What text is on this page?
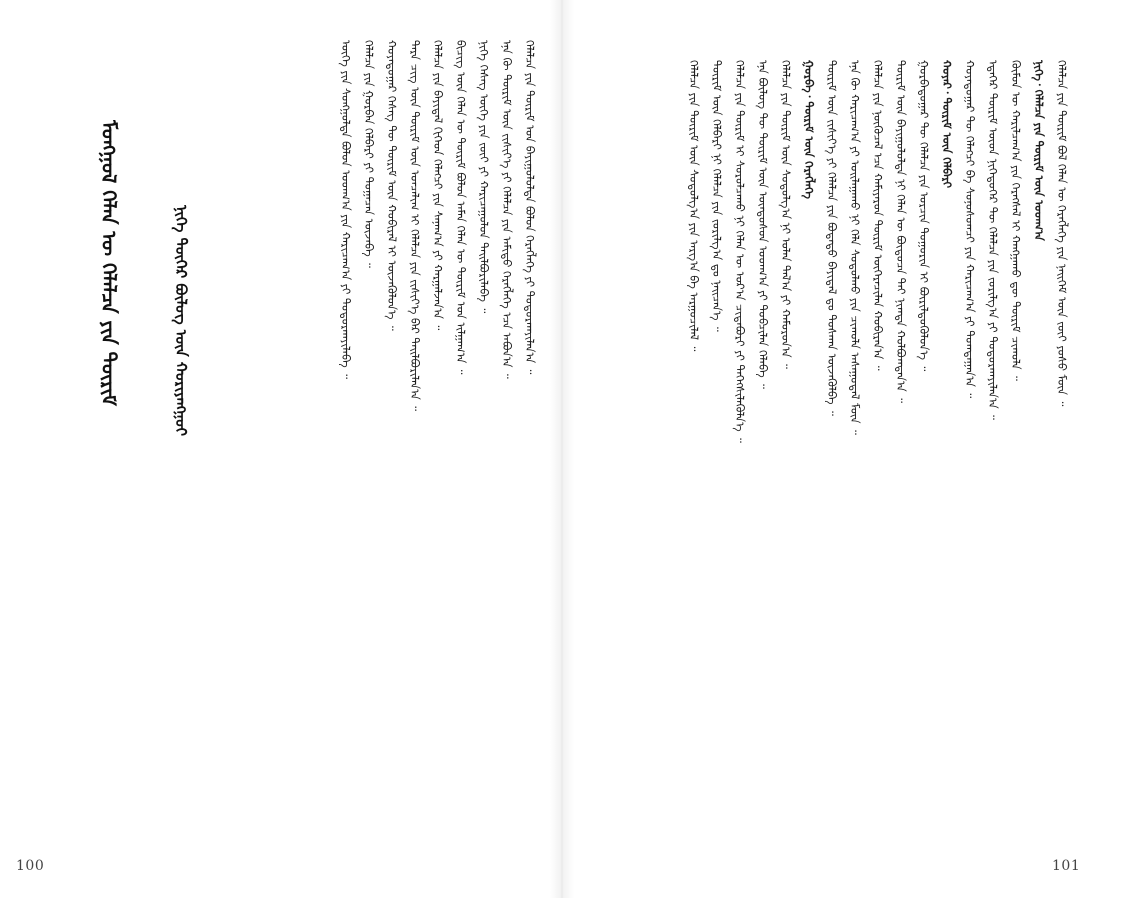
ᠮᠣᠩᠭᠣᠯ ᠬᠡᠯᠡᠨ ᠦ ᠬᠡᠯᠡᠯᠴᠡ ᠶᠢᠨ ᠳᠦᠷᠢᠮ	ᠨᠢᠭᠡ ᠳᠦᠭᠡᠷ ᠪᠦᠯᠦᠭ ᠦᠨ ᠬᠤᠷᠢᠶᠠᠩᠭᠤᠢ	ᠬᠡᠯᠡᠯᠴᠡ ᠶᠢᠨ ᠳᠦᠷᠢᠮ ᠤᠨ ᠪᠠᠶᠢᠭᠤᠯᠤᠯᠲᠠ ᠪᠣᠯᠣᠨ ᠬᠡᠷᠡᠭᠯᠡᠭᠡ ᠶᠢ ᠲᠣᠳᠣᠷᠬᠠᠶᠢᠯᠠᠨ᠎ᠠ ᠃
ᠡᠨᠡ ᠬᠦ ᠳᠦᠷᠢᠮ ᠦᠨ ᠵᠢᠱᠢᠶ᠎ᠡ ᠶᠢ ᠬᠡᠯᠡᠯᠴᠡ ᠶᠢᠨ ᠠᠮᠢᠳᠤ ᠬᠡᠷᠡᠭᠯᠡᠭᠡ ᠡᠴᠡ ᠠᠪᠤᠨ᠎ᠠ ᠃
ᠨᠢᠭᠡ ᠬᠡᠰᠡᠭ ᠦᠭᠡ ᠶᠢᠨ ᠵᠦᠢ ᠶᠢ ᠬᠠᠷᠢᠴᠠᠭᠤᠯᠤᠨ ᠲᠠᠢᠯᠪᠤᠷᠢᠯᠠᠪᠠ ᠃
ᠪᠢᠴᠢᠭ ᠦᠨ ᠬᠡᠯᠡᠨ ᠦ ᠳᠦᠷᠢᠮ ᠪᠣᠯᠣᠨ ᠠᠮᠠᠨ ᠬᠡᠯᠡᠨ ᠦ ᠳᠦᠷᠢᠮ ᠤᠨ ᠢᠯᠭᠠᠭ᠎ᠠ ᠃
ᠬᠡᠯᠡᠯᠴᠡ ᠶᠢᠨ ᠪᠠᠶᠢᠳᠠᠯ ᠬᠢᠭᠡᠳ ᠬᠡᠯᠡᠭᠴᠢ ᠶᠢᠨ ᠰᠠᠨᠠᠭ᠎ᠠ ᠶᠢ ᠬᠠᠷᠭᠠᠯᠵᠠᠨ᠎ᠠ ᠃
ᠲᠡᠷᠡ ᠴᠢᠭ ᠦᠨ ᠳᠦᠷᠢᠮ ᠦᠨ ᠣᠨᠴᠠᠯᠢᠭ ᠢ ᠬᠡᠯᠡᠯᠴᠡ ᠶᠢᠨ ᠵᠢᠱᠢᠶ᠎ᠡ ᠪᠡᠷ ᠲᠠᠢᠯᠪᠤᠷᠢᠯᠠᠨ᠎ᠠ ᠃
ᠬᠣᠶᠠᠳᠤᠭᠠᠷ ᠬᠡᠰᠡᠭ ᠲᠦ ᠳᠦᠷᠢᠮ ᠦᠨ ᠬᠤᠪᠢᠷᠠᠯ ᠢ ᠦᠵᠡᠭᠦᠯᠦᠨ᠎ᠡ ᠃
ᠬᠡᠯᠡᠯᠴᠡ ᠶᠢᠨ ᠭᠤᠷᠪᠠᠨ ᠬᠡᠯᠪᠡᠷᠢ ᠶᠢ ᠲᠣᠭᠠᠴᠠᠨ ᠦᠵᠡᠪᠡ ᠃
ᠦᠭᠡ ᠶᠢᠨ ᠰᠣᠩᠭᠤᠯᠲᠠ ᠪᠣᠯᠣᠨ ᠤᠳᠬ᠎ᠠ ᠶᠢᠨ ᠬᠠᠷᠢᠴᠠᠭ᠎ᠠ ᠶᠢ ᠲᠣᠳᠣᠷᠬᠠᠶᠢᠯᠠᠪᠠ ᠃
100
ᠬᠡᠯᠡᠯᠴᠡ ᠶᠢᠨ ᠳᠦᠷᠢᠮ ᠪᠣᠯ ᠬᠡᠯᠡᠨ ᠦ ᠬᠡᠷᠡᠭᠯᠡᠭᠡ ᠶᠢᠨ ᠨᠡᠢᠭᠡᠮ ᠦᠨ ᠵᠦᠢ ᠶᠣᠰᠣ ᠮᠥᠨ ᠃
ᠨᠢᠭᠡ᠂ ᠬᠡᠯᠡᠯᠴᠡ ᠶᠢᠨ ᠳᠦᠷᠢᠮ ᠦᠨ ᠤᠳᠬ᠎ᠠ
ᠬᠦᠮᠦᠨ ᠦ ᠬᠠᠷᠢᠯᠴᠠᠭ᠎ᠠ ᠶᠢᠨ ᠬᠡᠷᠡᠭᠰᠡᠯ ᠢ ᠬᠠᠩᠭᠠᠬᠤ ᠳᠦ ᠳᠦᠷᠢᠮ ᠴᠢᠬᠤᠯᠠ ᠃
ᠡᠳᠡᠭᠡᠷ ᠳᠦᠷᠢᠮ ᠦᠳ ᠨᠢᠭᠡᠳᠦᠭᠡᠷ ᠲᠦ ᠬᠡᠯᠡᠯᠴᠡ ᠶᠢᠨ ᠵᠣᠷᠢᠯᠭ᠎ᠠ ᠶᠢ ᠲᠣᠳᠣᠷᠬᠠᠶᠢᠯᠠᠨ᠎ᠠ ᠃
ᠬᠣᠶᠠᠳᠤᠭᠠᠷ ᠲᠦ ᠬᠡᠯᠡᠭᠴᠢ ᠪᠠ ᠰᠣᠨᠣᠰᠣᠭᠴᠢ ᠶᠢᠨ ᠬᠠᠷᠢᠴᠠᠭ᠎ᠠ ᠶᠢ ᠲᠣᠭᠲᠠᠭᠠᠨ᠎ᠠ ᠃
ᠬᠣᠶᠠᠷ᠂ ᠳᠦᠷᠢᠮ ᠦᠨ ᠬᠡᠯᠪᠡᠷᠢ
ᠭᠤᠷᠪᠠᠳᠤᠭᠠᠷ ᠲᠦ ᠬᠡᠯᠡᠯᠴᠡ ᠶᠢᠨ ᠣᠷᠴᠢᠨ ᠲᠣᠭᠣᠷᠢᠨ ᠢ ᠪᠦᠷᠢᠯᠳᠦᠭᠦᠯᠦᠨ᠎ᠡ ᠃
ᠳᠦᠷᠢᠮ ᠦᠨ ᠪᠠᠶᠢᠭᠤᠯᠤᠯᠲᠠ ᠨᠢ ᠬᠡᠯᠡᠨ ᠦ ᠪᠦᠲᠦᠴᠡ ᠲᠡᠢ ᠨᠢᠭᠲᠠ ᠬᠣᠯᠪᠣᠭᠳᠠᠨ᠎ᠠ ᠃
ᠬᠡᠯᠡᠯᠴᠡ ᠶᠢᠨ ᠨᠥᠬᠦᠴᠡᠯ ᠡᠴᠡ ᠬᠠᠮᠢᠶᠠᠷᠤᠨ ᠳᠦᠷᠢᠮ ᠥᠭᠡᠷᠡᠴᠢᠯᠡᠨ ᠬᠤᠪᠢᠷᠠᠨ᠎ᠠ ᠃
ᠡᠨᠡ ᠬᠦ ᠬᠠᠷᠢᠴᠠᠭ᠎ᠠ ᠶᠢ ᠣᠢᠯᠠᠭᠠᠬᠤ ᠨᠢ ᠬᠡᠯᠡ ᠰᠤᠳᠤᠯᠬᠤ ᠶᠢᠨ ᠴᠢᠬᠤᠯᠠ ᠠᠰᠠᠭᠤᠳᠠᠯ ᠮᠥᠨ ᠃
ᠳᠦᠷᠢᠮ ᠦᠨ ᠵᠢᠱᠢᠶ᠎ᠡ ᠶᠢ ᠬᠡᠯᠡᠯᠴᠡ ᠶᠢᠨ ᠪᠣᠳᠠᠲᠤ ᠪᠠᠶᠢᠳᠠᠯ ᠳᠤ ᠲᠤᠰᠬᠠᠨ ᠦᠵᠡᠭᠦᠯᠪᠡ ᠃
ᠭᠤᠷᠪᠠ᠂ ᠳᠦᠷᠢᠮ ᠦᠨ ᠬᠡᠷᠡᠭᠯᠡᠭᠡ
ᠬᠡᠯᠡᠯᠴᠡ ᠶᠢᠨ ᠳᠦᠷᠢᠮ ᠦᠨ ᠰᠤᠳᠤᠯᠭ᠎ᠠ ᠨᠢ ᠣᠯᠠᠨ ᠲᠠᠯ᠎ᠠ ᠶᠢ ᠬᠠᠮᠤᠷᠤᠨ᠎ᠠ ᠃
ᠡᠨᠡ ᠪᠦᠯᠦᠭ ᠲᠦ ᠳᠦᠷᠢᠮ ᠦᠨ ᠦᠨᠳᠦᠰᠦᠨ ᠤᠳᠬ᠎ᠠ ᠶᠢ ᠲᠣᠪᠴᠢᠯᠠᠨ ᠬᠡᠯᠡᠪᠡ ᠃
ᠬᠡᠯᠡᠯᠴᠡ ᠶᠢᠨ ᠳᠦᠷᠢᠮ ᠢ ᠰᠤᠷᠤᠯᠴᠠᠬᠤ ᠨᠢ ᠬᠡᠯᠡᠨ ᠦ ᠤᠷ᠎ᠠ ᠴᠢᠳᠠᠪᠤᠷᠢ ᠶᠢ ᠳᠡᠭᠡᠭᠰᠢᠯᠡᠭᠦᠯᠨ᠎ᠡ ᠃
ᠳᠦᠷᠢᠮ ᠦᠨ ᠬᠡᠯᠪᠡᠷᠢ ᠨᠢ ᠬᠡᠯᠡᠯᠴᠡ ᠶᠢᠨ ᠵᠣᠷᠢᠯᠭ᠎ᠠ ᠳᠤ ᠨᠡᠢᠴᠡᠨ᠎ᠡ ᠃
ᠬᠡᠯᠡᠯᠴᠡ ᠶᠢᠨ ᠳᠦᠷᠢᠮ ᠦᠨ ᠰᠤᠳᠤᠯᠭ᠎ᠠ ᠶᠢᠨ ᠠᠷᠭ᠎ᠠ ᠪᠠ ᠠᠷᠭᠤᠴᠢᠯᠠᠯ ᠃
101
